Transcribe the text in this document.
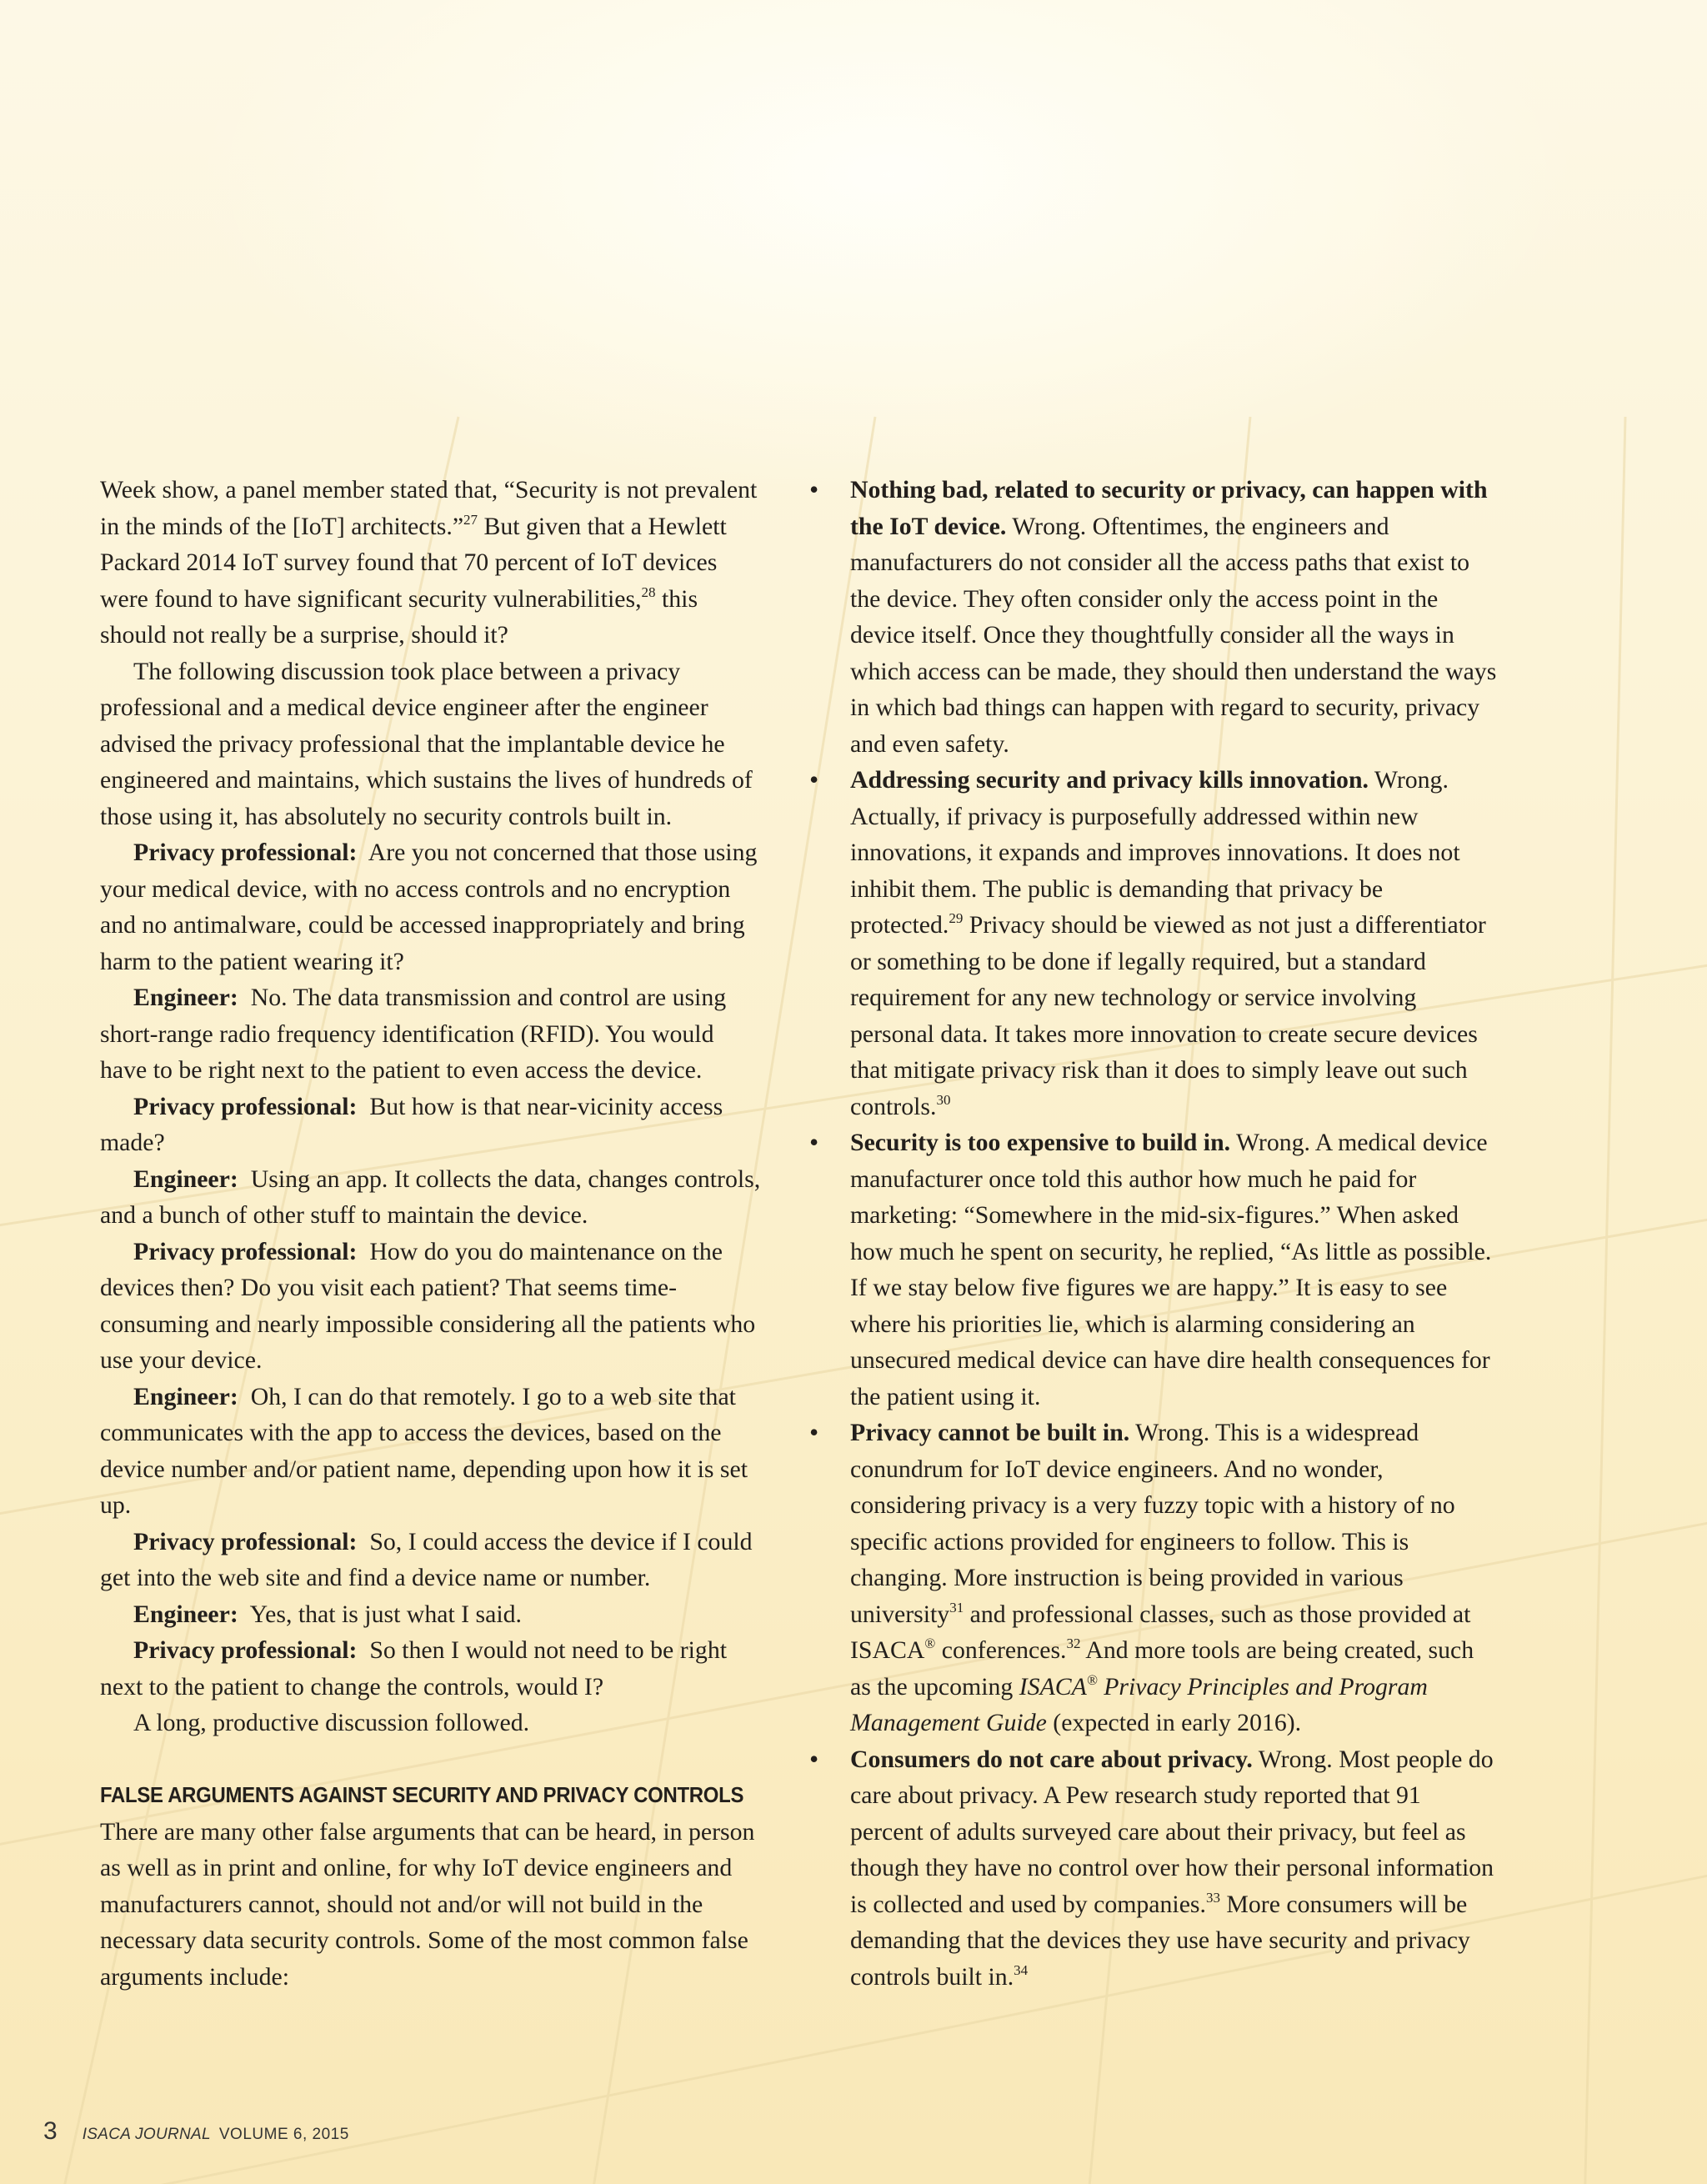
Week show, a panel member stated that, “Security is not prevalent in the minds of the [IoT] architects.”$^{27}$ But given that a Hewlett Packard 2014 IoT survey found that 70 percent of IoT devices were found to have significant security vulnerabilities,$^{28}$ this should not really be a surprise, should it?

The following discussion took place between a privacy professional and a medical device engineer after the engineer advised the privacy professional that the implantable device he engineered and maintains, which sustains the lives of hundreds of those using it, has absolutely no security controls built in.

Privacy professional: Are you not concerned that those using your medical device, with no access controls and no encryption and no antimalware, could be accessed inappropriately and bring harm to the patient wearing it?

Engineer: No. The data transmission and control are using short-range radio frequency identification (RFID). You would have to be right next to the patient to even access the device.

Privacy professional: But how is that near-vicinity access made?

Engineer: Using an app. It collects the data, changes controls, and a bunch of other stuff to maintain the device.

Privacy professional: How do you do maintenance on the devices then? Do you visit each patient? That seems time-consuming and nearly impossible considering all the patients who use your device.

Engineer: Oh, I can do that remotely. I go to a web site that communicates with the app to access the devices, based on the device number and/or patient name, depending upon how it is set up.

Privacy professional: So, I could access the device if I could get into the web site and find a device name or number.

Engineer: Yes, that is just what I said.

Privacy professional: So then I would not need to be right next to the patient to change the controls, would I?

A long, productive discussion followed.

FALSE ARGUMENTS AGAINST SECURITY AND PRIVACY CONTROLS

There are many other false arguments that can be heard, in person as well as in print and online, for why IoT device engineers and manufacturers cannot, should not and/or will not build in the necessary data security controls. Some of the most common false arguments include:

• Nothing bad, related to security or privacy, can happen with the IoT device. Wrong. Oftentimes, the engineers and manufacturers do not consider all the access paths that exist to the device. They often consider only the access point in the device itself. Once they thoughtfully consider all the ways in which access can be made, they should then understand the ways in which bad things can happen with regard to security, privacy and even safety.
• Addressing security and privacy kills innovation. Wrong. Actually, if privacy is purposefully addressed within new innovations, it expands and improves innovations. It does not inhibit them. The public is demanding that privacy be protected.$^{29}$ Privacy should be viewed as not just a differentiator or something to be done if legally required, but a standard requirement for any new technology or service involving personal data. It takes more innovation to create secure devices that mitigate privacy risk than it does to simply leave out such controls.$^{30}$
• Security is too expensive to build in. Wrong. A medical device manufacturer once told this author how much he paid for marketing: “Somewhere in the mid-six-figures.” When asked how much he spent on security, he replied, “As little as possible. If we stay below five figures we are happy.” It is easy to see where his priorities lie, which is alarming considering an unsecured medical device can have dire health consequences for the patient using it.
• Privacy cannot be built in. Wrong. This is a widespread conundrum for IoT device engineers. And no wonder, considering privacy is a very fuzzy topic with a history of no specific actions provided for engineers to follow. This is changing. More instruction is being provided in various university$^{31}$ and professional classes, such as those provided at ISACA® conferences.$^{32}$ And more tools are being created, such as the upcoming ISACA® Privacy Principles and Program Management Guide (expected in early 2016).
• Consumers do not care about privacy. Wrong. Most people do care about privacy. A Pew research study reported that 91 percent of adults surveyed care about their privacy, but feel as though they have no control over how their personal information is collected and used by companies.$^{33}$ More consumers will be demanding that the devices they use have security and privacy controls built in.$^{34}$
3 ISACA JOURNAL VOLUME 6, 2015
